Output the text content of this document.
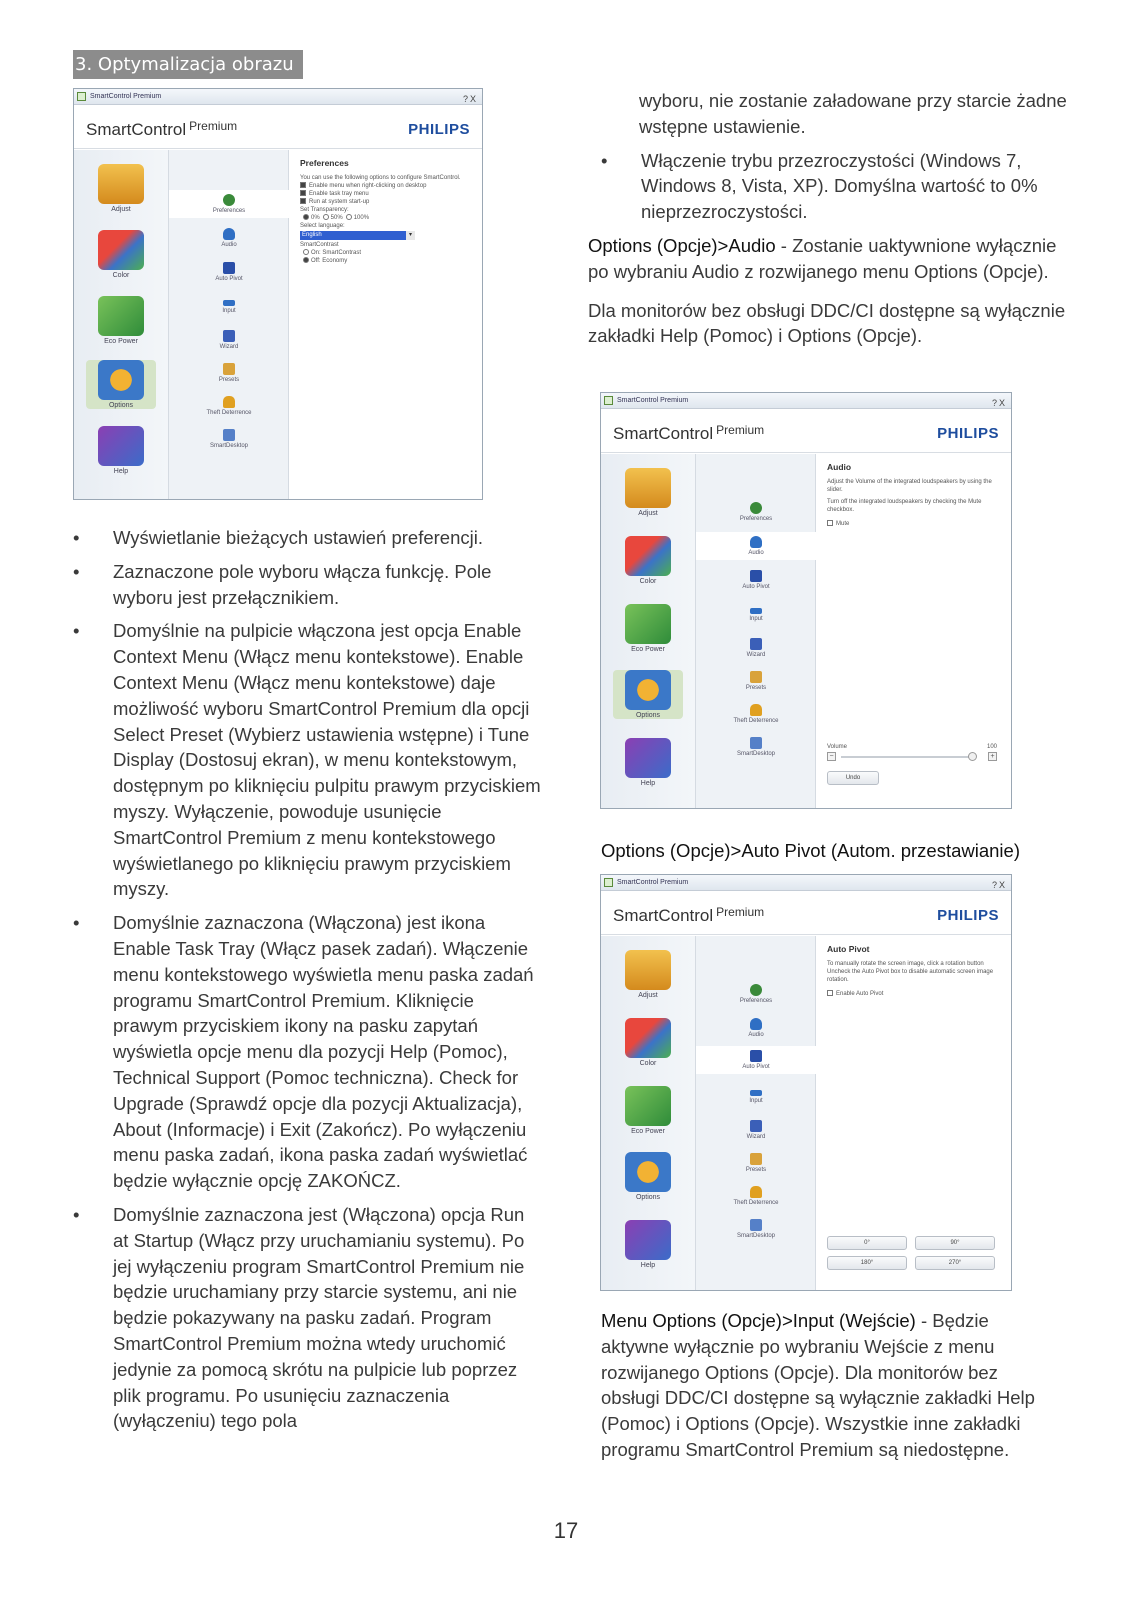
3. Optymalizacja obrazu
SmartControl Premium	?X
SmartControl $^{Premium}$	PHILIPS
Adjust
Color
Eco Power
Options
Help
Preferences
Audio
Auto Pivot
Input
Wizard
Presets
Theft Deterrence
SmartDesktop
Preferences
You can use the following options to configure SmartControl.
Enable menu when right-clicking on desktop
Enable task tray menu
Run at system start-up
Set Transparency:
0% 50% 100%
Select language:
English	▾
SmartContrast
On: SmartContrast
Off: Economy
• Wyświetlanie bieżących ustawień preferencji.
• Zaznaczone pole wyboru włącza funkcję. Pole wyboru jest przełącznikiem.
• Domyślnie na pulpicie włączona jest opcja Enable Context Menu (Włącz menu kontekstowe). Enable Context Menu (Włącz menu kontekstowe) daje możliwość wyboru SmartControl Premium dla opcji Select Preset (Wybierz ustawienia wstępne) i Tune Display (Dostosuj ekran), w menu kontekstowym, dostępnym po kliknięciu pulpitu prawym przyciskiem myszy. Wyłączenie, powoduje usunięcie SmartControl Premium z menu kontekstowego wyświetlanego po kliknięciu prawym przyciskiem myszy.
• Domyślnie zaznaczona (Włączona) jest ikona Enable Task Tray (Włącz pasek zadań). Włączenie menu kontekstowego wyświetla menu paska zadań programu SmartControl Premium. Kliknięcie prawym przyciskiem ikony na pasku zapytań wyświetla opcje menu dla pozycji Help (Pomoc), Technical Support (Pomoc techniczna). Check for Upgrade (Sprawdź opcje dla pozycji Aktualizacja), About (Informacje) i Exit (Zakończ). Po wyłączeniu menu paska zadań, ikona paska zadań wyświetlać będzie wyłącznie opcję ZAKOŃCZ.
• Domyślnie zaznaczona jest (Włączona) opcja Run at Startup (Włącz przy uruchamianiu systemu). Po jej wyłączeniu program SmartControl Premium nie będzie uruchamiany przy starcie systemu, ani nie będzie pokazywany na pasku zadań. Program SmartControl Premium można wtedy uruchomić jedynie za pomocą skrótu na pulpicie lub poprzez plik programu. Po usunięciu zaznaczenia (wyłączeniu) tego pola
wyboru, nie zostanie załadowane przy starcie żadne wstępne ustawienie.
• Włączenie trybu przezroczystości (Windows 7, Windows 8, Vista, XP). Domyślna wartość to 0% nieprzezroczystości.

Options (Opcje)>Audio - Zostanie uaktywnione wyłącznie po wybraniu Audio z rozwijanego menu Options (Opcje).

Dla monitorów bez obsługi DDC/CI dostępne są wyłącznie zakładki Help (Pomoc) i Options (Opcje).

SmartControl Premium	?X
SmartControl $^{Premium}$	PHILIPS
Adjust
Color
Eco Power
Options
Help
Preferences
Audio
Auto Pivot
Input
Wizard
Presets
Theft Deterrence
SmartDesktop
Audio
Adjust the Volume of the integrated loudspeakers by using the slider.
Turn off the integrated loudspeakers by checking the Mute checkbox.
Mute
Volume	100
−	+
Undo
Options (Opcje)>Auto Pivot (Autom. przestawianie)
SmartControl Premium	?X
SmartControl $^{Premium}$	PHILIPS
Adjust
Color
Eco Power
Options
Help
Preferences
Audio
Auto Pivot
Input
Wizard
Presets
Theft Deterrence
SmartDesktop
Auto Pivot
To manually rotate the screen image, click a rotation button
Uncheck the Auto Pivot box to disable automatic screen image rotation.
Enable Auto Pivot
0°	90°
180°	270°
Menu Options (Opcje)>Input (Wejście) - Będzie aktywne wyłącznie po wybraniu Wejście z menu rozwijanego Options (Opcje). Dla monitorów bez obsługi DDC/CI dostępne są wyłącznie zakładki Help (Pomoc) i Options (Opcje). Wszystkie inne zakładki programu SmartControl Premium są niedostępne.
17
